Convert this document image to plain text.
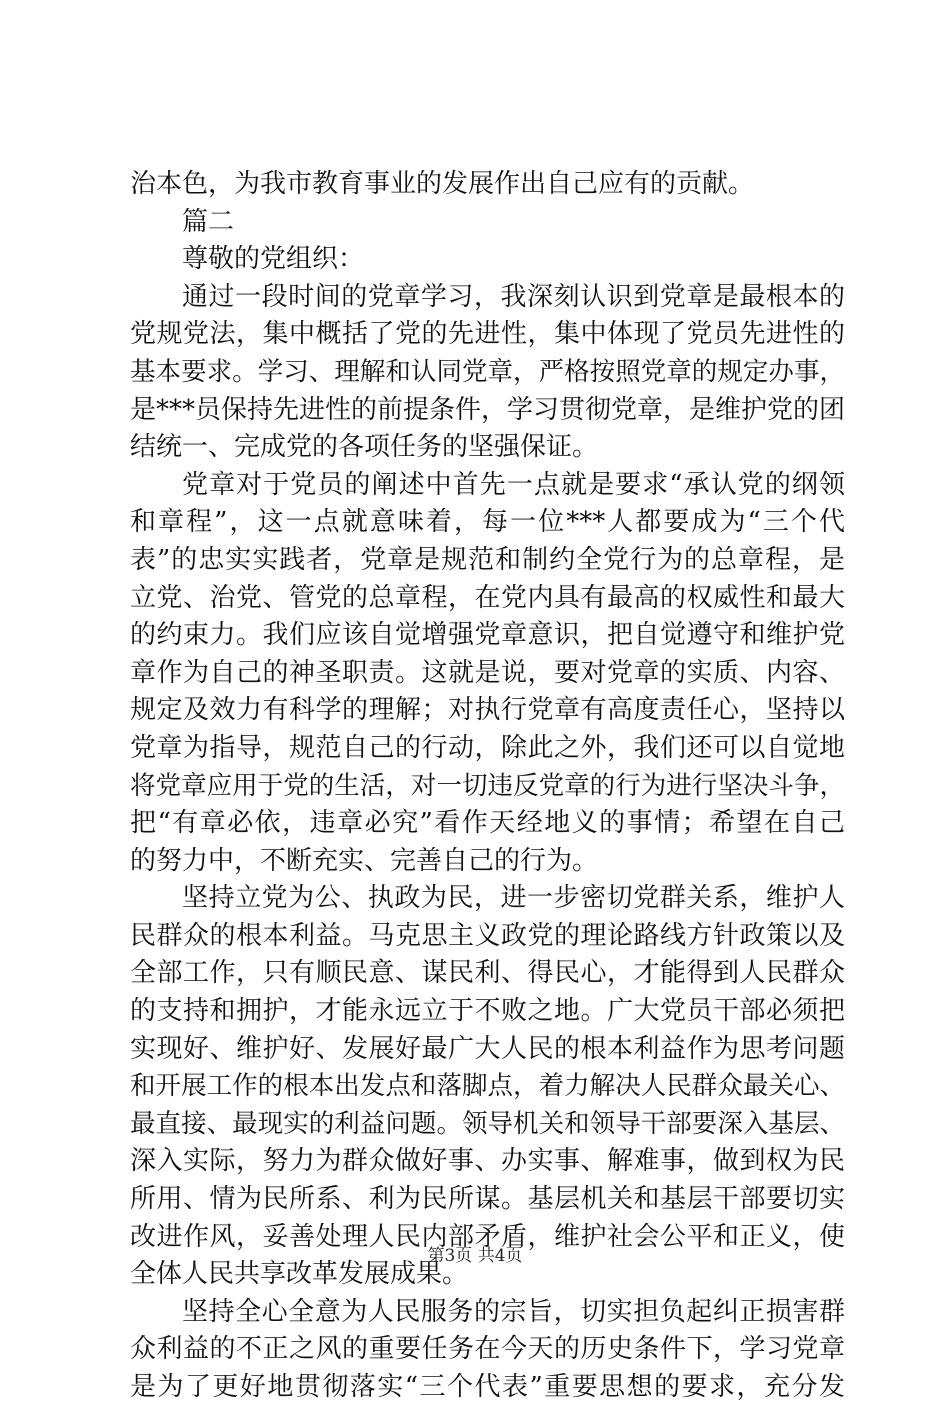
治本色，为我市教育事业的发展作出自己应有的贡献。
篇二
尊敬的党组织：
通过一段时间的党章学习，我深刻认识到党章是最根本的
党规党法，集中概括了党的先进性，集中体现了党员先进性的
基本要求。学习、理解和认同党章，严格按照党章的规定办事，
是***员保持先进性的前提条件，学习贯彻党章，是维护党的团
结统一、完成党的各项任务的坚强保证。
党章对于党员的阐述中首先一点就是要求“承认党的纲领
和章程”，这一点就意味着，每一位***人都要成为“三个代
表”的忠实实践者，党章是规范和制约全党行为的总章程，是
立党、治党、管党的总章程，在党内具有最高的权威性和最大
的约束力。我们应该自觉增强党章意识，把自觉遵守和维护党
章作为自己的神圣职责。这就是说，要对党章的实质、内容、
规定及效力有科学的理解；对执行党章有高度责任心，坚持以
党章为指导，规范自己的行动，除此之外，我们还可以自觉地
将党章应用于党的生活，对一切违反党章的行为进行坚决斗争，
把“有章必依，违章必究”看作天经地义的事情；希望在自己
的努力中，不断充实、完善自己的行为。
坚持立党为公、执政为民，进一步密切党群关系，维护人
民群众的根本利益。马克思主义政党的理论路线方针政策以及
全部工作，只有顺民意、谋民利、得民心，才能得到人民群众
的支持和拥护，才能永远立于不败之地。广大党员干部必须把
实现好、维护好、发展好最广大人民的根本利益作为思考问题
和开展工作的根本出发点和落脚点，着力解决人民群众最关心、
最直接、最现实的利益问题。领导机关和领导干部要深入基层、
深入实际，努力为群众做好事、办实事、解难事，做到权为民
所用、情为民所系、利为民所谋。基层机关和基层干部要切实
改进作风，妥善处理人民内部矛盾，维护社会公平和正义，使
全体人民共享改革发展成果。
坚持全心全意为人民服务的宗旨，切实担负起纠正损害群
众利益的不正之风的重要任务在今天的历史条件下，学习党章
是为了更好地贯彻落实“三个代表”重要思想的要求，充分发
第3页 共4页
